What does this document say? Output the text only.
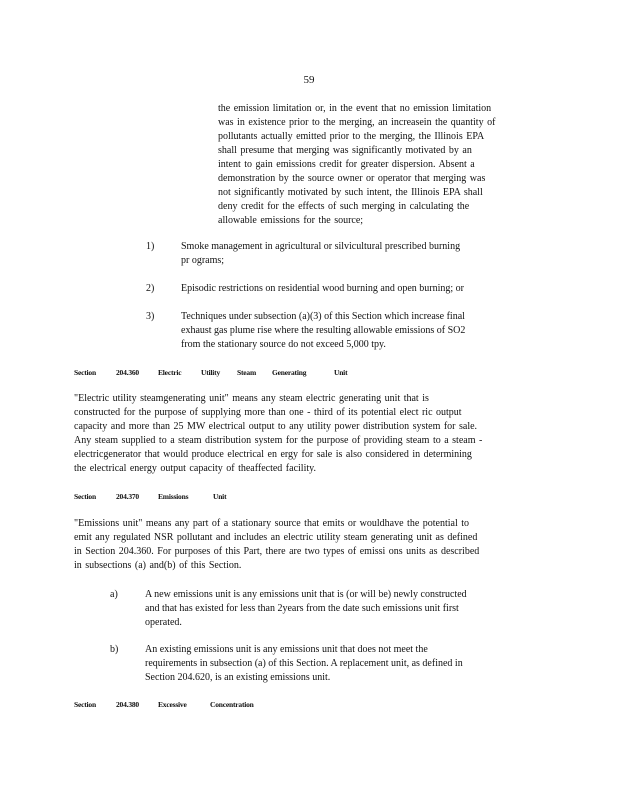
59
the emission limitation or, in the event that no emission limitation
was in existence prior to the merging, an increasein the quantity of
pollutants actually emitted prior to the merging, the Illinois EPA
shall presume that merging was significantly motivated by an
intent to gain emissions credit for greater dispersion. Absent a
demonstration by the source owner or operator that merging was
not significantly motivated by such intent, the Illinois EPA shall
deny credit for the effects of such merging in calculating the
allowable emissions for the source;
1)	Smoke management in agricultural or silvicultural prescribed burning
pr ograms;
2)	Episodic restrictions on residential wood burning and open burning; or
3)	Techniques under subsection (a)(3) of this Section which increase final
exhaust gas plume rise where the resulting allowable emissions of SO2
from the stationary source do not exceed 5,000 tpy.
Section	204.360	Electric	Utility Steam Generating	Unit
"Electric utility steamgenerating unit" means any steam electric generating unit that is
constructed for the purpose of supplying more than one - third of its potential elect ric output
capacity and more than 25 MW electrical output to any utility power distribution system for sale.
Any steam supplied to a steam distribution system for the purpose of providing steam to a steam -
electricgenerator that would produce electrical en ergy for sale is also considered in determining
the electrical energy output capacity of theaffected facility.
Section	204.370	Emissions	Unit
"Emissions unit" means any part of a stationary source that emits or wouldhave the potential to
emit any regulated NSR pollutant and includes an electric utility steam generating unit as defined
in Section 204.360. For purposes of this Part, there are two types of emissi ons units as described
in subsections (a) and(b) of this Section.
a)	A new emissions unit is any emissions unit that is (or will be) newly constructed
and that has existed for less than 2years from the date such emissions unit first
operated.
b)	An existing emissions unit is any emissions unit that does not meet the
requirements in subsection (a) of this Section. A replacement unit, as defined in
Section 204.620, is an existing emissions unit.
Section	204.380	Excessive	Concentration
